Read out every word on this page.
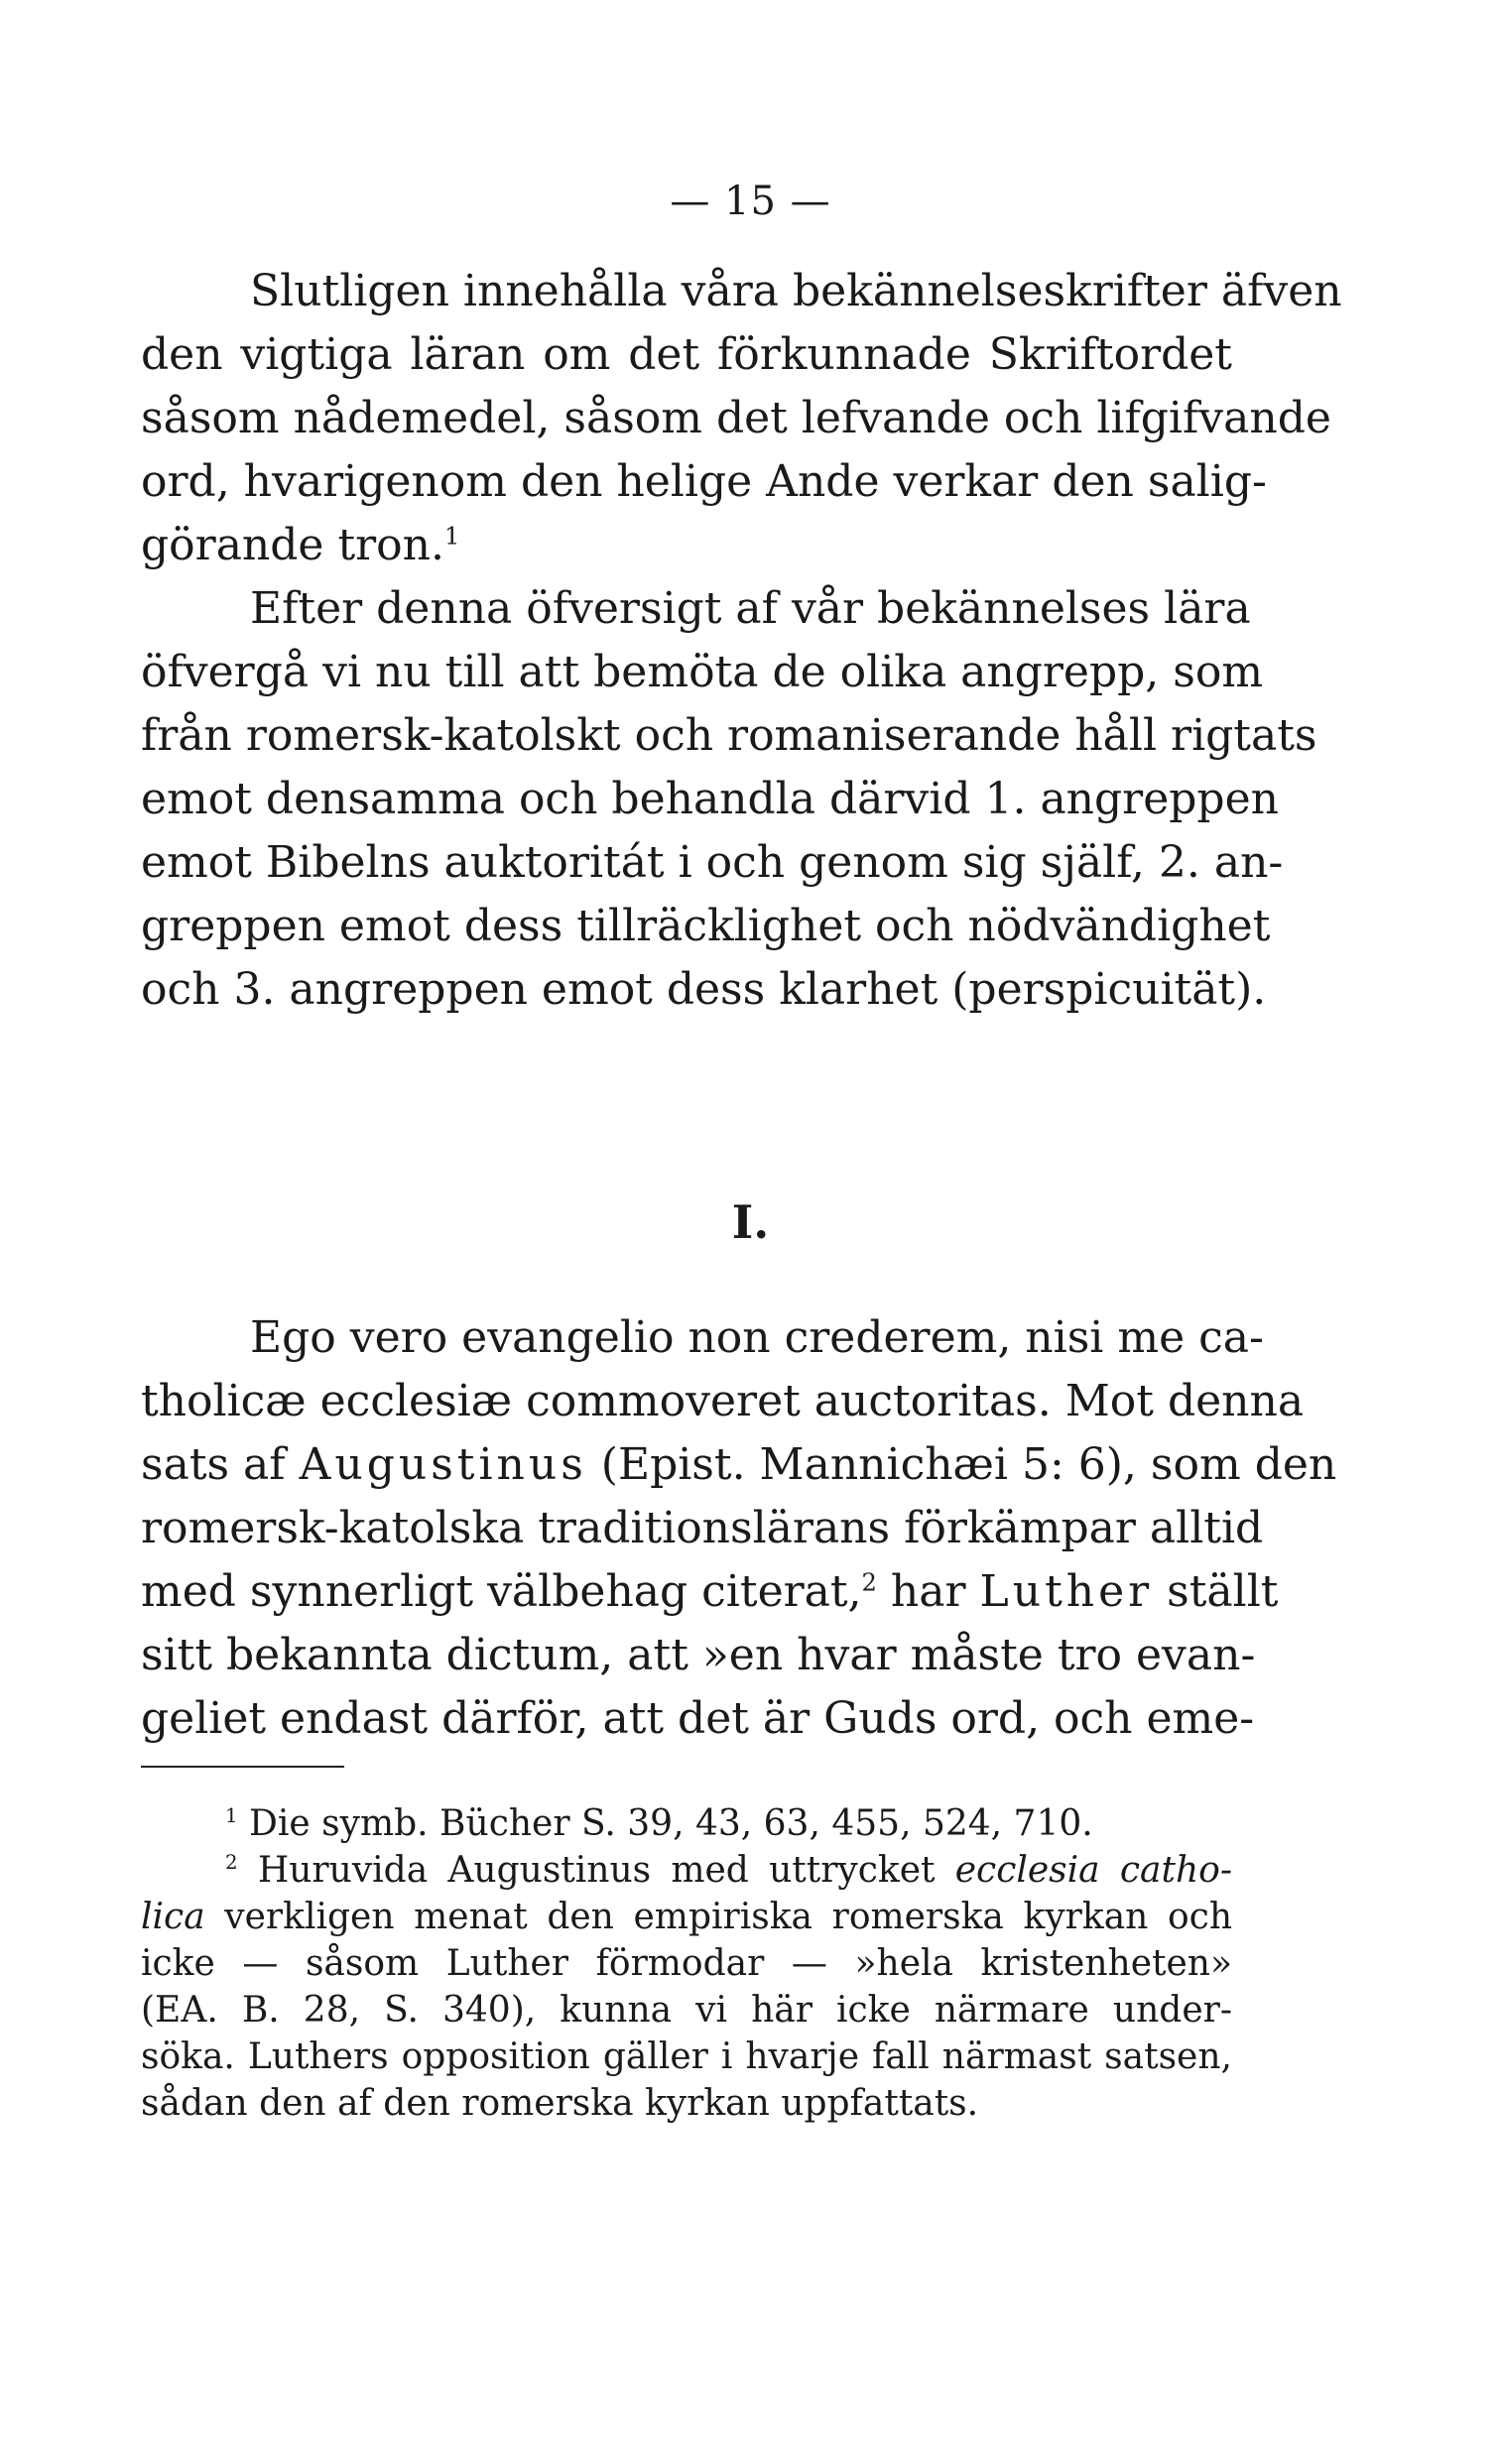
— 15 —
Slutligen innehålla våra bekännelseskrifter äfven
den vigtiga läran om det förkunnade Skriftordet
såsom nådemedel, såsom det lefvande och lifgifvande
ord, hvarigenom den helige Ande verkar den salig-
görande tron.$^1$
Efter denna öfversigt af vår bekännelses lära
öfvergå vi nu till att bemöta de olika angrepp, som
från romersk-katolskt och romaniserande håll rigtats
emot densamma och behandla därvid 1. angreppen
emot Bibelns auktoritát i och genom sig själf, 2. an-
greppen emot dess tillräcklighet och nödvändighet
och 3. angreppen emot dess klarhet (perspicuität).
I.
Ego vero evangelio non crederem, nisi me ca-
tholicæ ecclesiæ commoveret auctoritas. Mot denna
sats af Augustinus (Epist. Mannichæi 5: 6), som den
romersk-katolska traditionslärans förkämpar alltid
med synnerligt välbehag citerat,$^2$ har Luther ställt
sitt bekannta dictum, att »en hvar måste tro evan-
geliet endast därför, att det är Guds ord, och eme-
$^1$ Die symb. Bücher S. 39, 43, 63, 455, 524, 710.
$^2$ Huruvida Augustinus med uttrycket ecclesia catho-
lica verkligen menat den empiriska romerska kyrkan och
icke — såsom Luther förmodar — »hela kristenheten»
(EA. B. 28, S. 340), kunna vi här icke närmare under-
söka. Luthers opposition gäller i hvarje fall närmast satsen,
sådan den af den romerska kyrkan uppfattats.
